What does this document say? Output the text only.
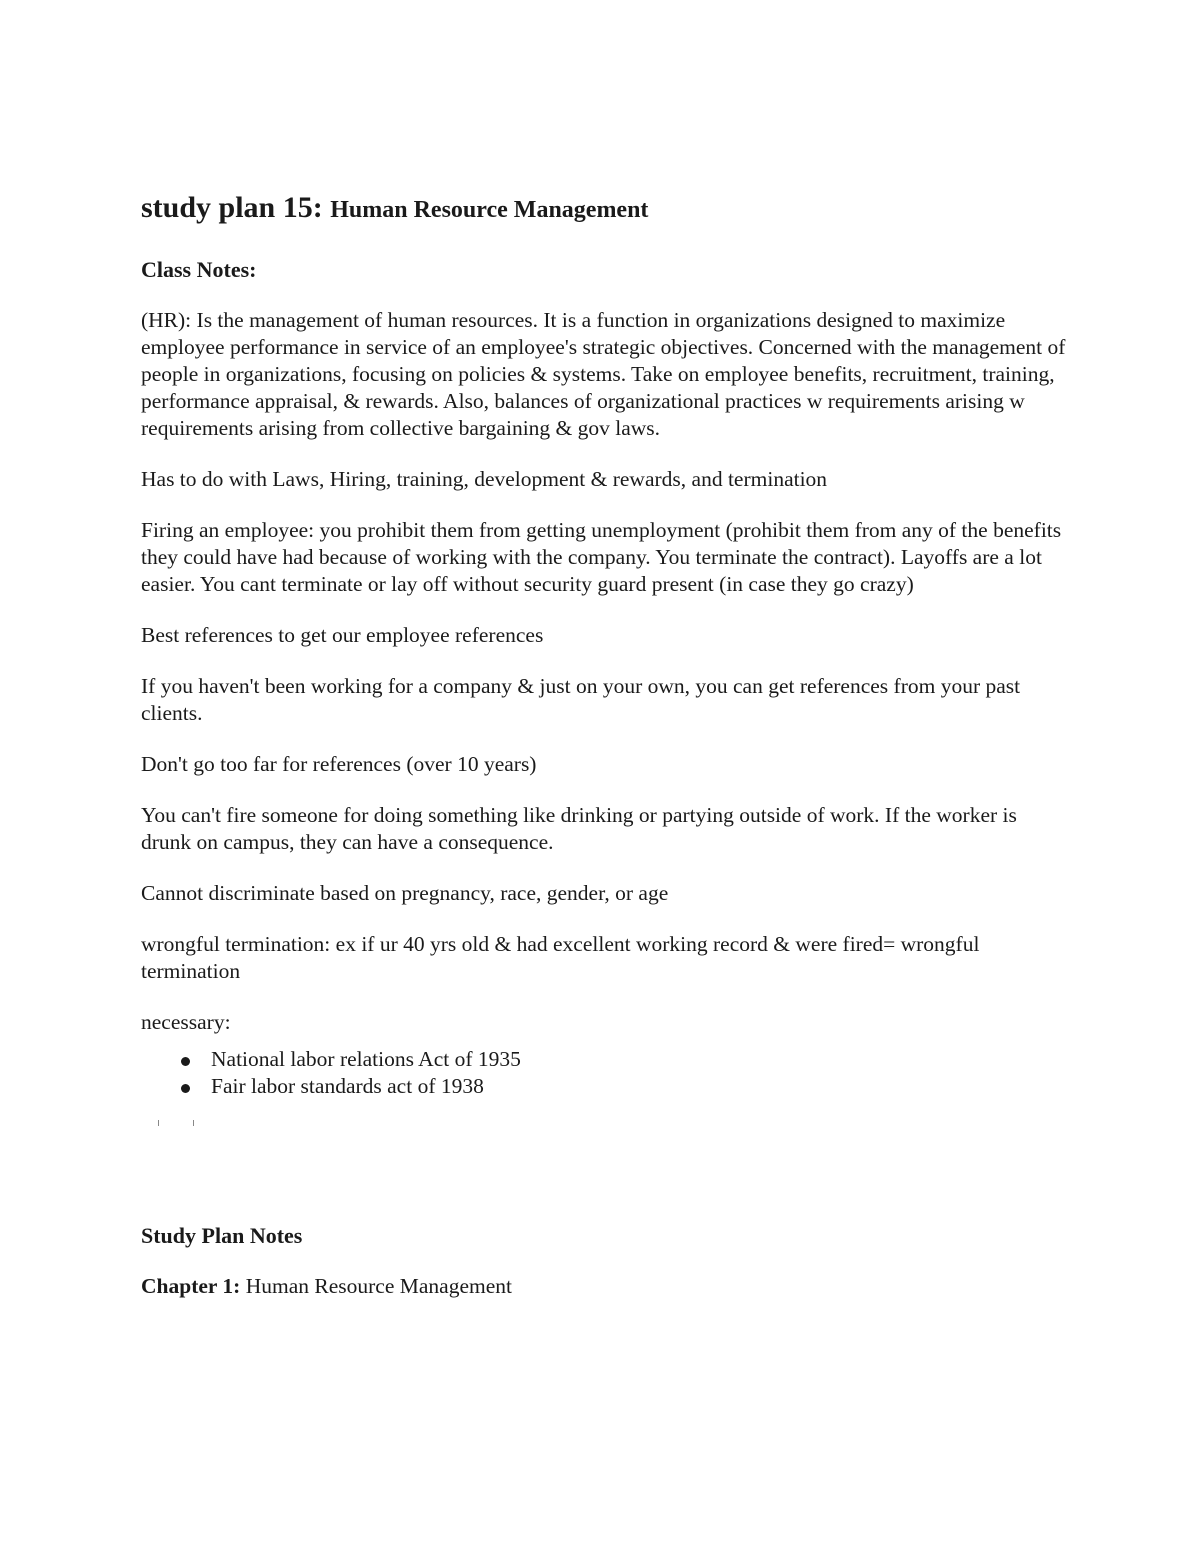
study plan 15: Human Resource Management
Class Notes:

(HR): Is the management of human resources. It is a function in organizations designed to maximize employee performance in service of an employee's strategic objectives. Concerned with the management of people in organizations, focusing on policies & systems. Take on employee benefits, recruitment, training, performance appraisal, & rewards. Also, balances of organizational practices w requirements arising w requirements arising from collective bargaining & gov laws.

Has to do with Laws, Hiring, training, development & rewards, and termination

Firing an employee: you prohibit them from getting unemployment (prohibit them from any of the benefits they could have had because of working with the company. You terminate the contract). Layoffs are a lot easier. You cant terminate or lay off without security guard present (in case they go crazy)

Best references to get our employee references

If you haven't been working for a company & just on your own, you can get references from your past clients.

Don't go too far for references (over 10 years)

You can't fire someone for doing something like drinking or partying outside of work. If the worker is drunk on campus, they can have a consequence.

Cannot discriminate based on pregnancy, race, gender, or age

wrongful termination: ex if ur 40 yrs old & had excellent working record & were fired= wrongful termination

necessary:

National labor relations Act of 1935
Fair labor standards act of 1938
Study Plan Notes

Chapter 1: Human Resource Management
